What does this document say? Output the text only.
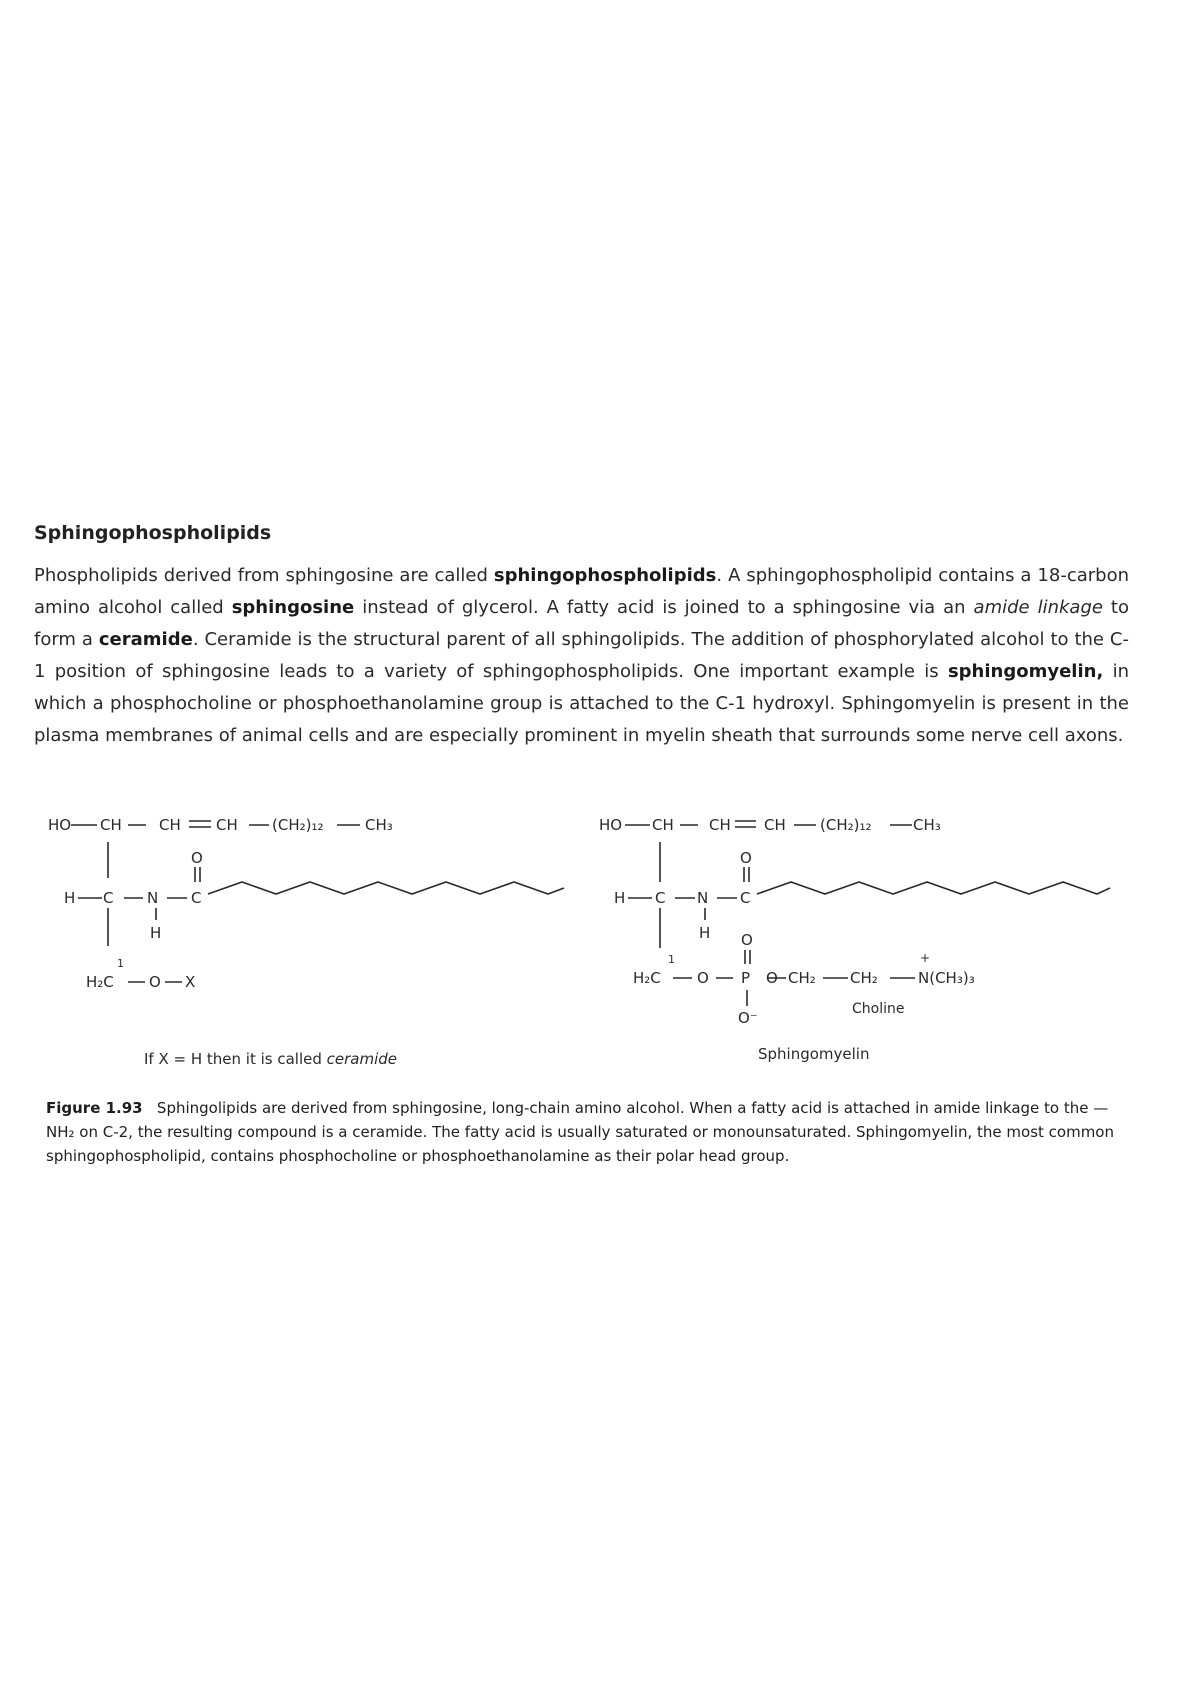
Sphingophospholipids

Phospholipids derived from sphingosine are called sphingophospholipids. A sphingophospholipid contains a 18-carbon amino alcohol called sphingosine instead of glycerol. A fatty acid is joined to a sphingosine via an amide linkage to form a ceramide. Ceramide is the structural parent of all sphingolipids. The addition of phosphorylated alcohol to the C-1 position of sphingosine leads to a variety of sphingophospholipids. One important example is sphingomyelin, in which a phosphocholine or phosphoethanolamine group is attached to the C-1 hydroxyl. Sphingomyelin is present in the plasma membranes of animal cells and are especially prominent in myelin sheath that surrounds some nerve cell axons.

HO CH CH CH (CH₂)₁₂	CH₃
O
H C N C
H
1
H₂C O X
If X = H then it is called ceramide
HO CH CH CH (CH₂)₁₂	CH₃
O
H C N C
H
1
H₂C O P
O
O⁻
O CH₂
+
CH₂	N(CH₃)₃
Choline
Sphingomyelin

Figure 1.93 Sphingolipids are derived from sphingosine, long-chain amino alcohol. When a fatty acid is attached in amide linkage to the —NH₂ on C-2, the resulting compound is a ceramide. The fatty acid is usually saturated or monounsaturated. Sphingomyelin, the most common sphingophospholipid, contains phosphocholine or phosphoethanolamine as their polar head group.
